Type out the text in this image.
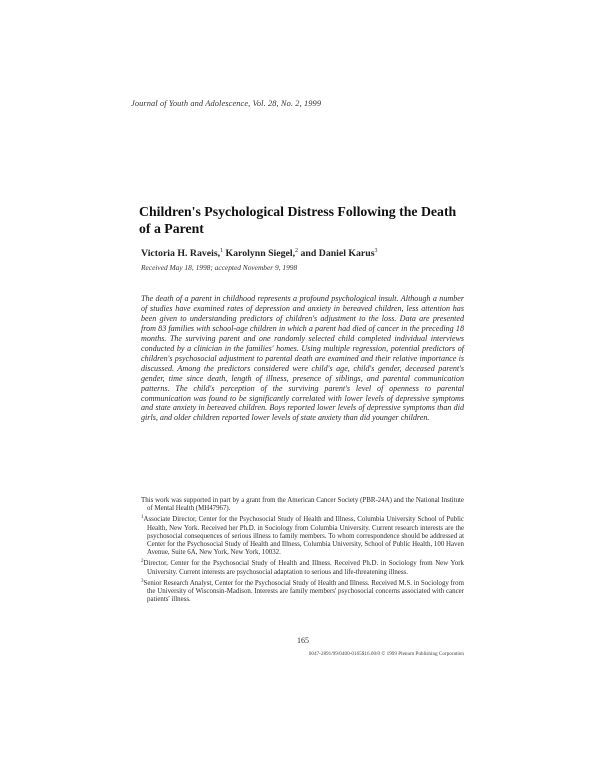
Journal of Youth and Adolescence, Vol. 28, No. 2, 1999
Children's Psychological Distress Following the Death of a Parent
Victoria H. Raveis,$^1$ Karolynn Siegel,$^2$ and Daniel Karus$^3$
Received May 18, 1998; accepted November 9, 1998
The death of a parent in childhood represents a profound psychological insult. Although a number of studies have examined rates of depression and anxiety in bereaved children, less attention has been given to understanding predictors of children's adjustment to the loss. Data are presented from 83 families with school-age children in which a parent had died of cancer in the preceding 18 months. The surviving parent and one randomly selected child completed individual interviews conducted by a clinician in the families' homes. Using multiple regression, potential predictors of children's psychosocial adjustment to parental death are examined and their relative importance is discussed. Among the predictors considered were child's age, child's gender, deceased parent's gender, time since death, length of illness, presence of siblings, and parental communication patterns. The child's perception of the surviving parent's level of openness to parental communication was found to be significantly correlated with lower levels of depressive symptoms and state anxiety in bereaved children. Boys reported lower levels of depressive symptoms than did girls, and older children reported lower levels of state anxiety than did younger children.

This work was supported in part by a grant from the American Cancer Society (PBR-24A) and the National Institute of Mental Health (MH47967).

$^1$Associate Director, Center for the Psychosocial Study of Health and Illness, Columbia University School of Public Health, New York. Received her Ph.D. in Sociology from Columbia University. Current research interests are the psychosocial consequences of serious illness to family members. To whom correspondence should be addressed at Center for the Psychosocial Study of Health and Illness, Columbia University, School of Public Health, 100 Haven Avenue, Suite 6A, New York, New York, 10032.

$^2$Director, Center for the Psychosocial Study of Health and Illness. Received Ph.D. in Sociology from New York University. Current interests are psychosocial adaptation to serious and life-threatening illness.

$^3$Senior Research Analyst, Center for the Psychosocial Study of Health and Illness. Received M.S. in Sociology from the University of Wisconsin-Madison. Interests are family members' psychosocial concerns associated with cancer patients' illness.

165
0047-2891/99/0400-0165$16.00/0 © 1999 Plenum Publishing Corporation
